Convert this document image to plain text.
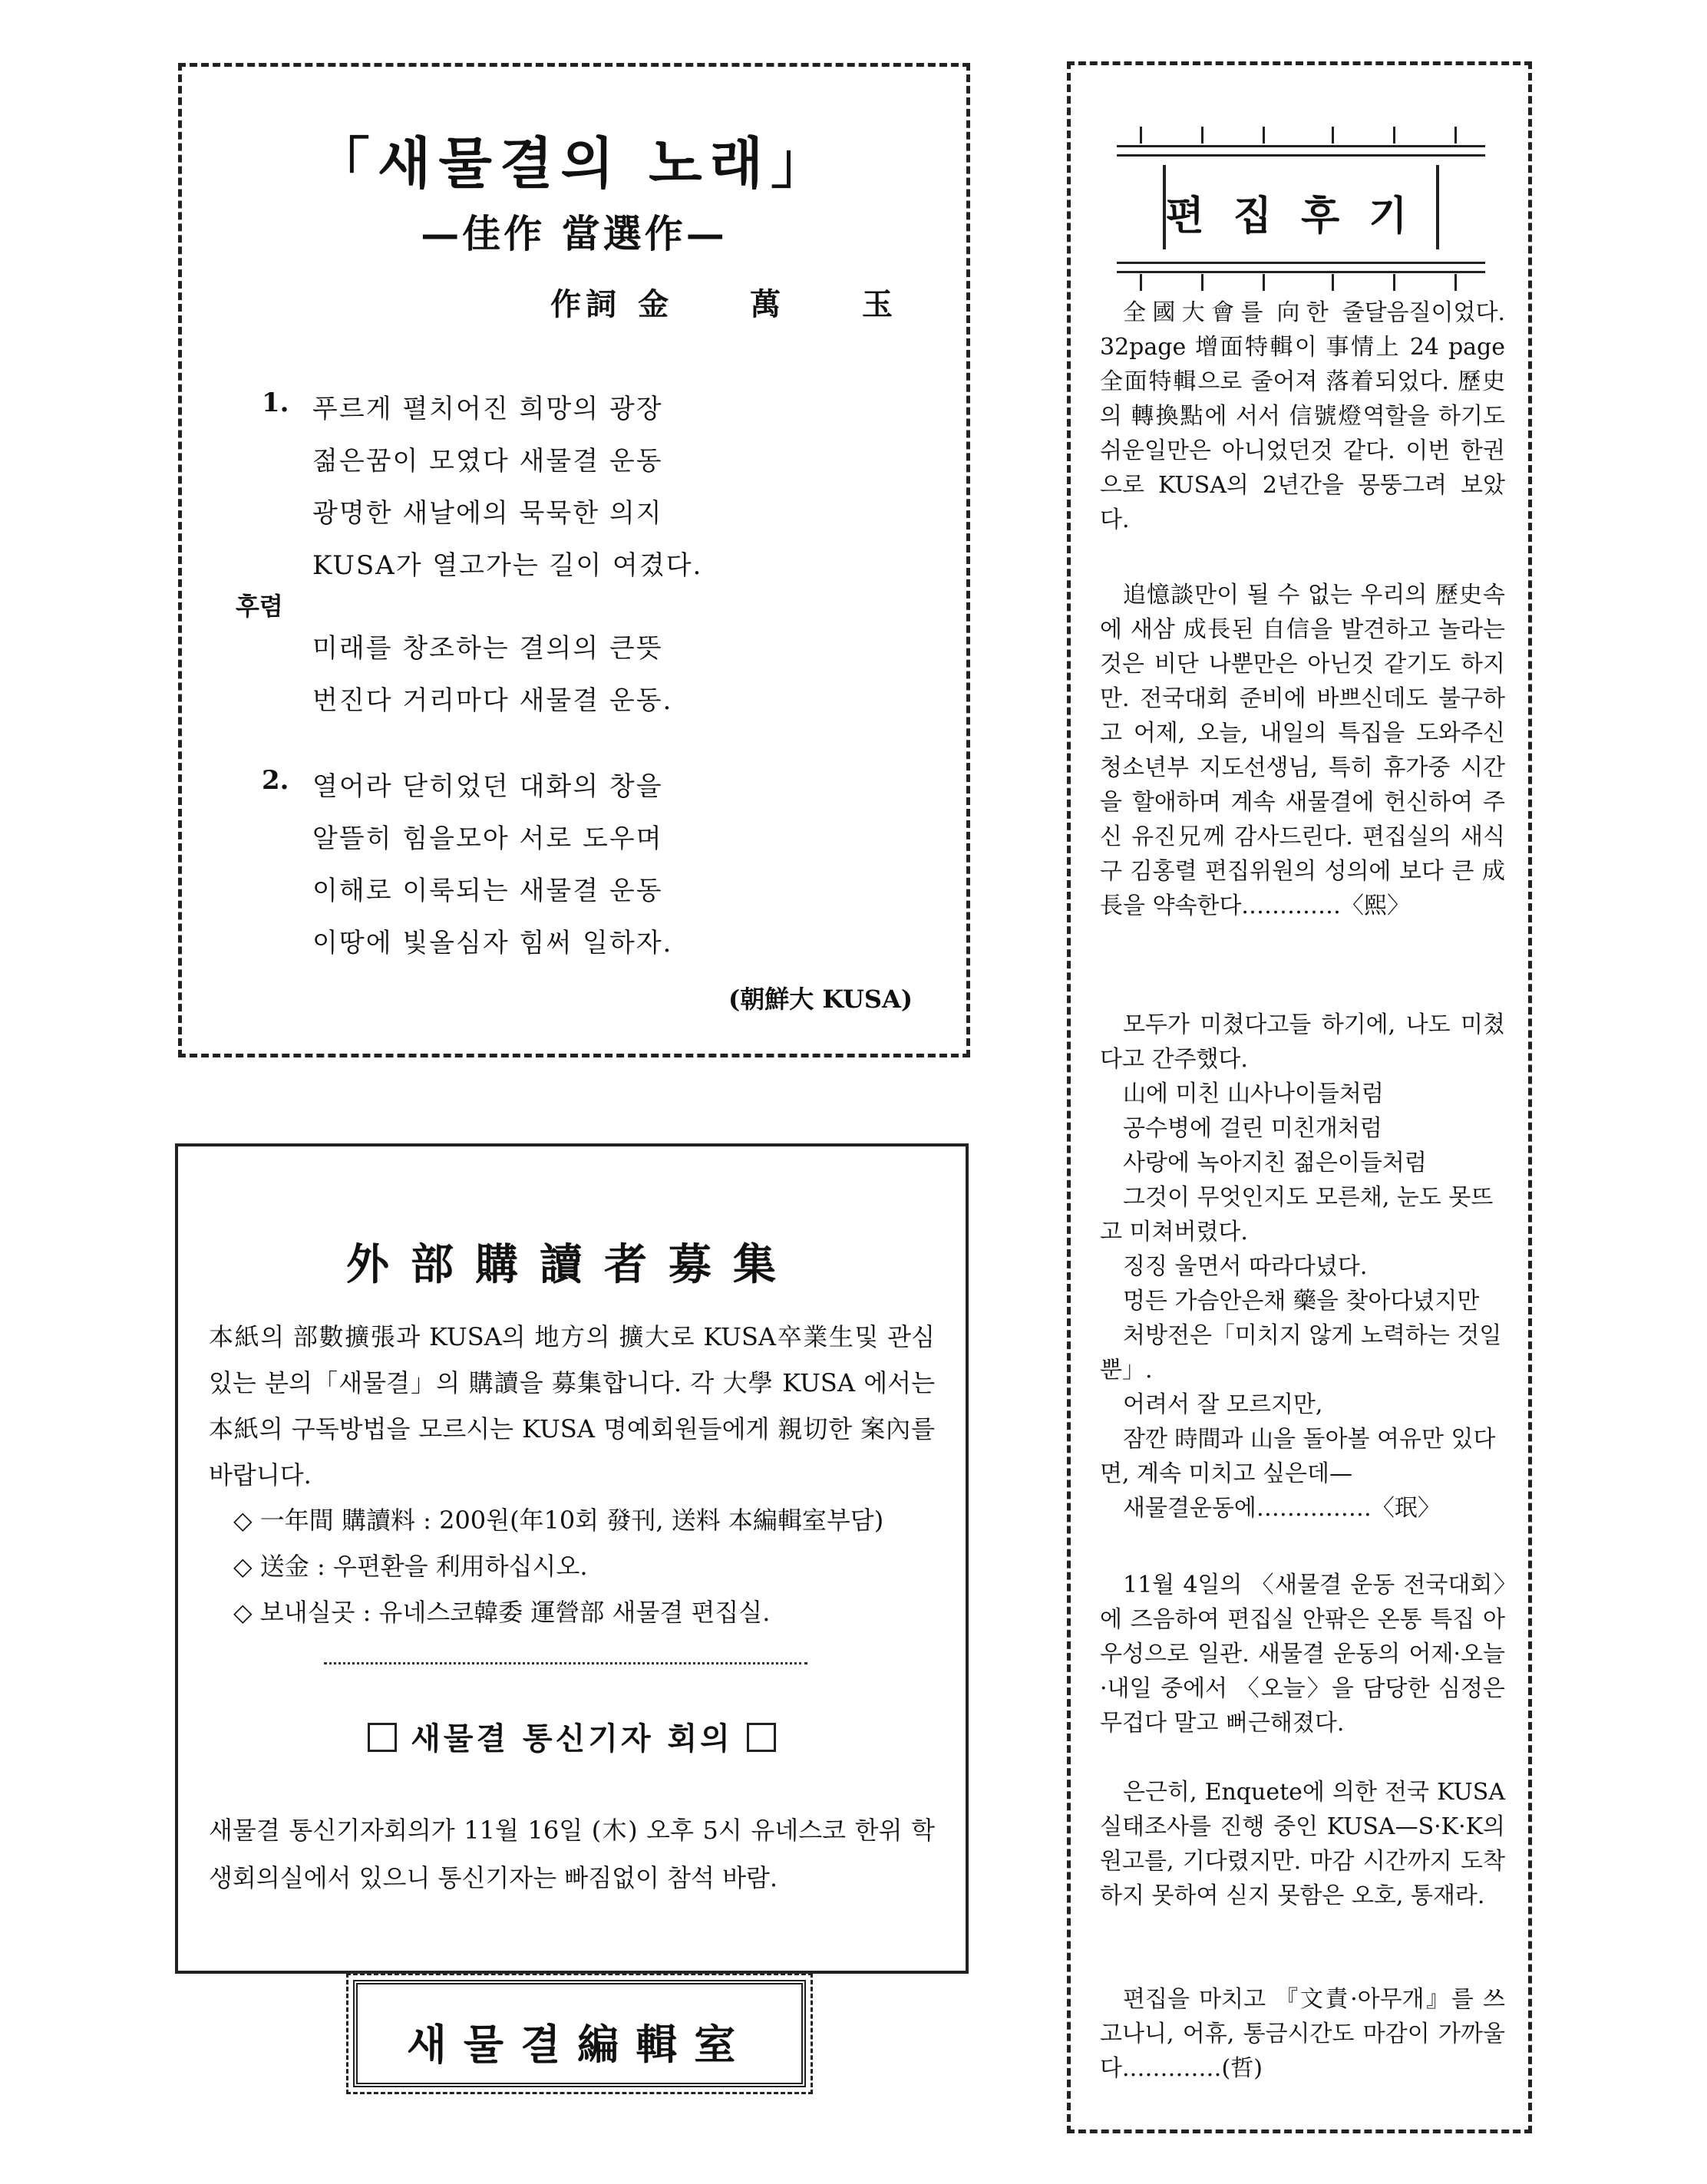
「새물결의 노래」
—佳作 當選作—
作詞 金 萬 玉
1. 푸르게 펼치어진 희망의 광장
젊은꿈이 모였다 새물결 운동
광명한 새날에의 묵묵한 의지
KUSA가 열고가는 길이 여겼다.
후렴
미래를 창조하는 결의의 큰뜻
번진다 거리마다 새물결 운동.
2. 열어라 닫히었던 대화의 창을
알뜰히 힘을모아 서로 도우며
이해로 이룩되는 새물결 운동
이땅에 빛올심자 힘써 일하자.
(朝鮮大 KUSA)
外部購讀者募集
本紙의 部數擴張과 KUSA의 地方의 擴大로 KUSA卒業生및 관심 있는 분의「새물결」의 購讀을 募集합니다. 각 大學 KUSA 에서는 本紙의 구독방법을 모르시는 KUSA 명예회원들에게 親切한 案內를 바랍니다.
◇ 一年間 購讀料 : 200원(年10회 發刊, 送料 本編輯室부담)
◇ 送金 : 우편환을 利用하십시오.
◇ 보내실곳 : 유네스코韓委 運營部 새물결 편집실.
새물결 통신기자 회의
새물결 통신기자회의가 11월 16일 (木) 오후 5시 유네스코 한위 학생회의실에서 있으니 통신기자는 빠짐없이 참석 바람.
새물결編輯室
편집후기
全國大會를 向한 줄달음질이었다. 32page 增面特輯이 事情上 24 page 全面特輯으로 줄어져 落着되었다. 歷史의 轉換點에 서서 信號燈역할을 하기도 쉬운일만은 아니었던것 같다. 이번 한권으로 KUSA의 2년간을 몽뚱그려 보았다.
追憶談만이 될 수 없는 우리의 歷史속에 새삼 成長된 自信을 발견하고 놀라는 것은 비단 나뿐만은 아닌것 같기도 하지만. 전국대회 준비에 바쁘신데도 불구하고 어제, 오늘, 내일의 특집을 도와주신 청소년부 지도선생님, 특히 휴가중 시간을 할애하며 계속 새물결에 헌신하여 주신 유진兄께 감사드린다. 편집실의 새식구 김홍렬 편집위원의 성의에 보다 큰 成長을 약속한다.…………〈熙〉
모두가 미쳤다고들 하기에, 나도 미쳤다고 간주했다.
山에 미친 山사나이들처럼
공수병에 걸린 미친개처럼
사랑에 녹아지친 젊은이들처럼
그것이 무엇인지도 모른채, 눈도 못뜨고 미쳐버렸다.
징징 울면서 따라다녔다.
멍든 가슴안은채 藥을 찾아다녔지만
처방전은「미치지 않게 노력하는 것일뿐」.
어려서 잘 모르지만,
잠깐 時間과 山을 돌아볼 여유만 있다면, 계속 미치고 싶은데—
새물결운동에……………〈珉〉
11월 4일의 〈새물결 운동 전국대회〉에 즈음하여 편집실 안팎은 온통 특집 아우성으로 일관. 새물결 운동의 어제·오늘·내일 중에서 〈오늘〉을 담당한 심정은 무겁다 말고 뻐근해졌다.
은근히, Enquete에 의한 전국 KUSA실태조사를 진행 중인 KUSA—S·K·K의 원고를, 기다렸지만. 마감 시간까지 도착하지 못하여 싣지 못함은 오호, 통재라.
편집을 마치고 『文責·아무개』를 쓰고나니, 어휴, 통금시간도 마감이 가까울다.…………(哲)
